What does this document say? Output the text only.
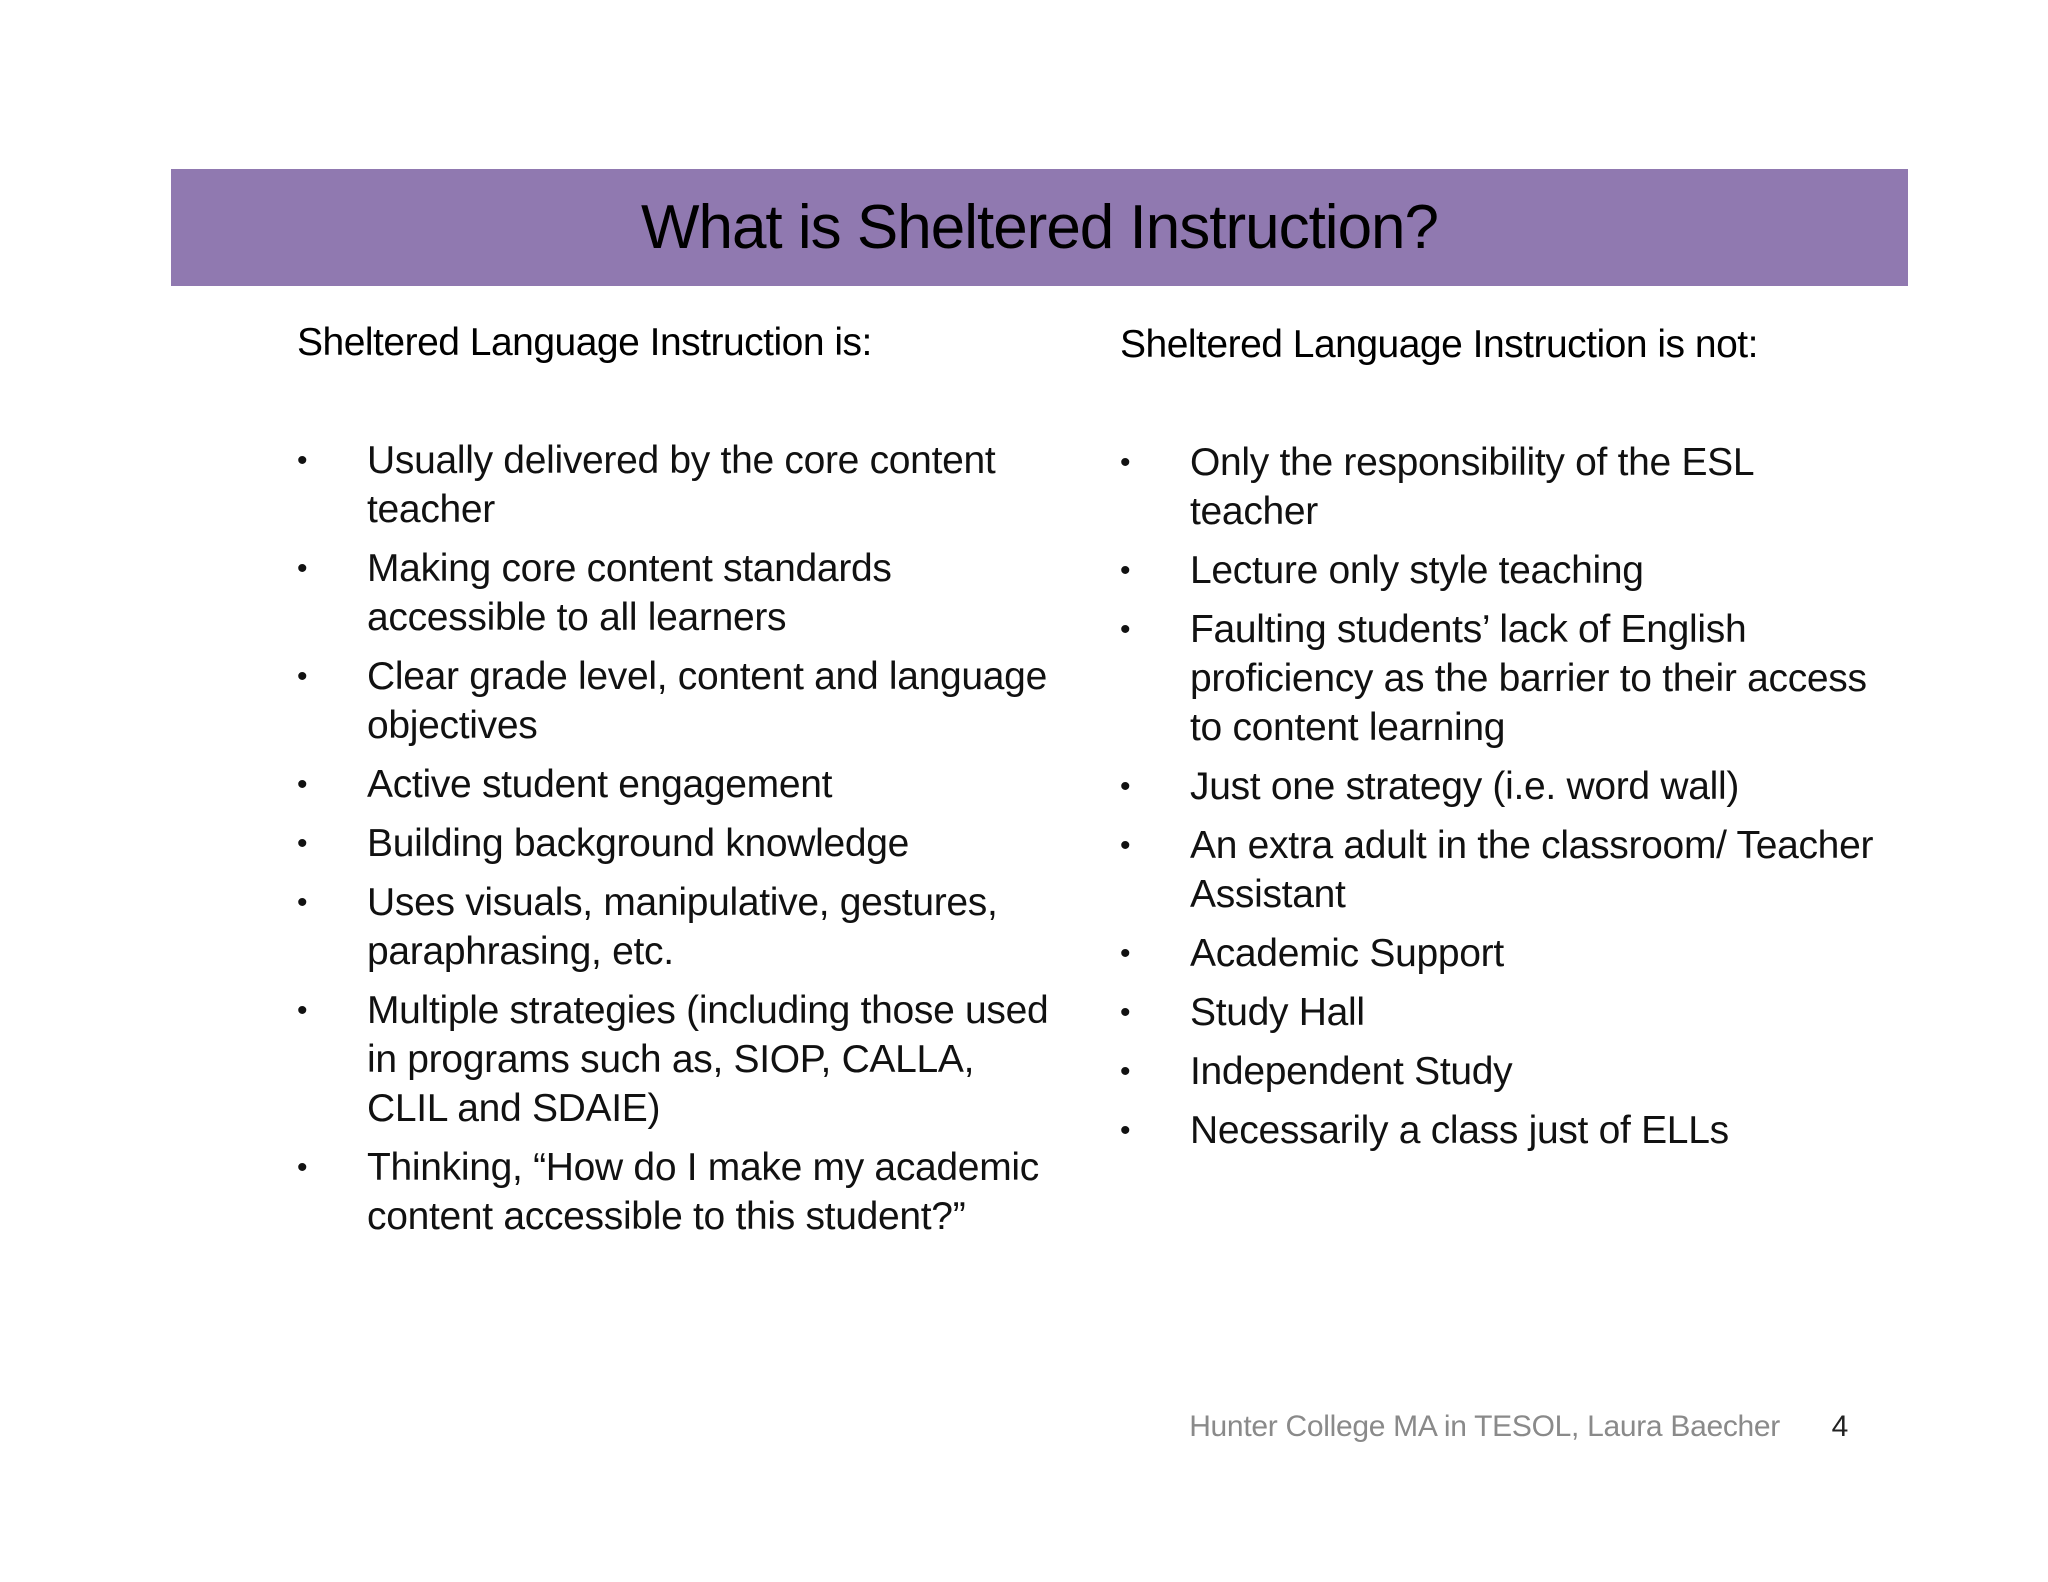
What is Sheltered Instruction?
Sheltered Language Instruction is:
• Usually delivered by the core content teacher
• Making core content standards accessible to all learners
• Clear grade level, content and language objectives
• Active student engagement
• Building background knowledge
• Uses visuals, manipulative, gestures, paraphrasing, etc.
• Multiple strategies (including those used in programs such as, SIOP, CALLA, CLIL and SDAIE)
• Thinking, “How do I make my academic content accessible to this student?”
Sheltered Language Instruction is not:
• Only the responsibility of the ESL teacher
• Lecture only style teaching
• Faulting students’ lack of English proficiency as the barrier to their access to content learning
• Just one strategy (i.e. word wall)
• An extra adult in the classroom/ Teacher Assistant
• Academic Support
• Study Hall
• Independent Study
• Necessarily a class just of ELLs
Hunter College MA in TESOL, Laura Baecher	4
